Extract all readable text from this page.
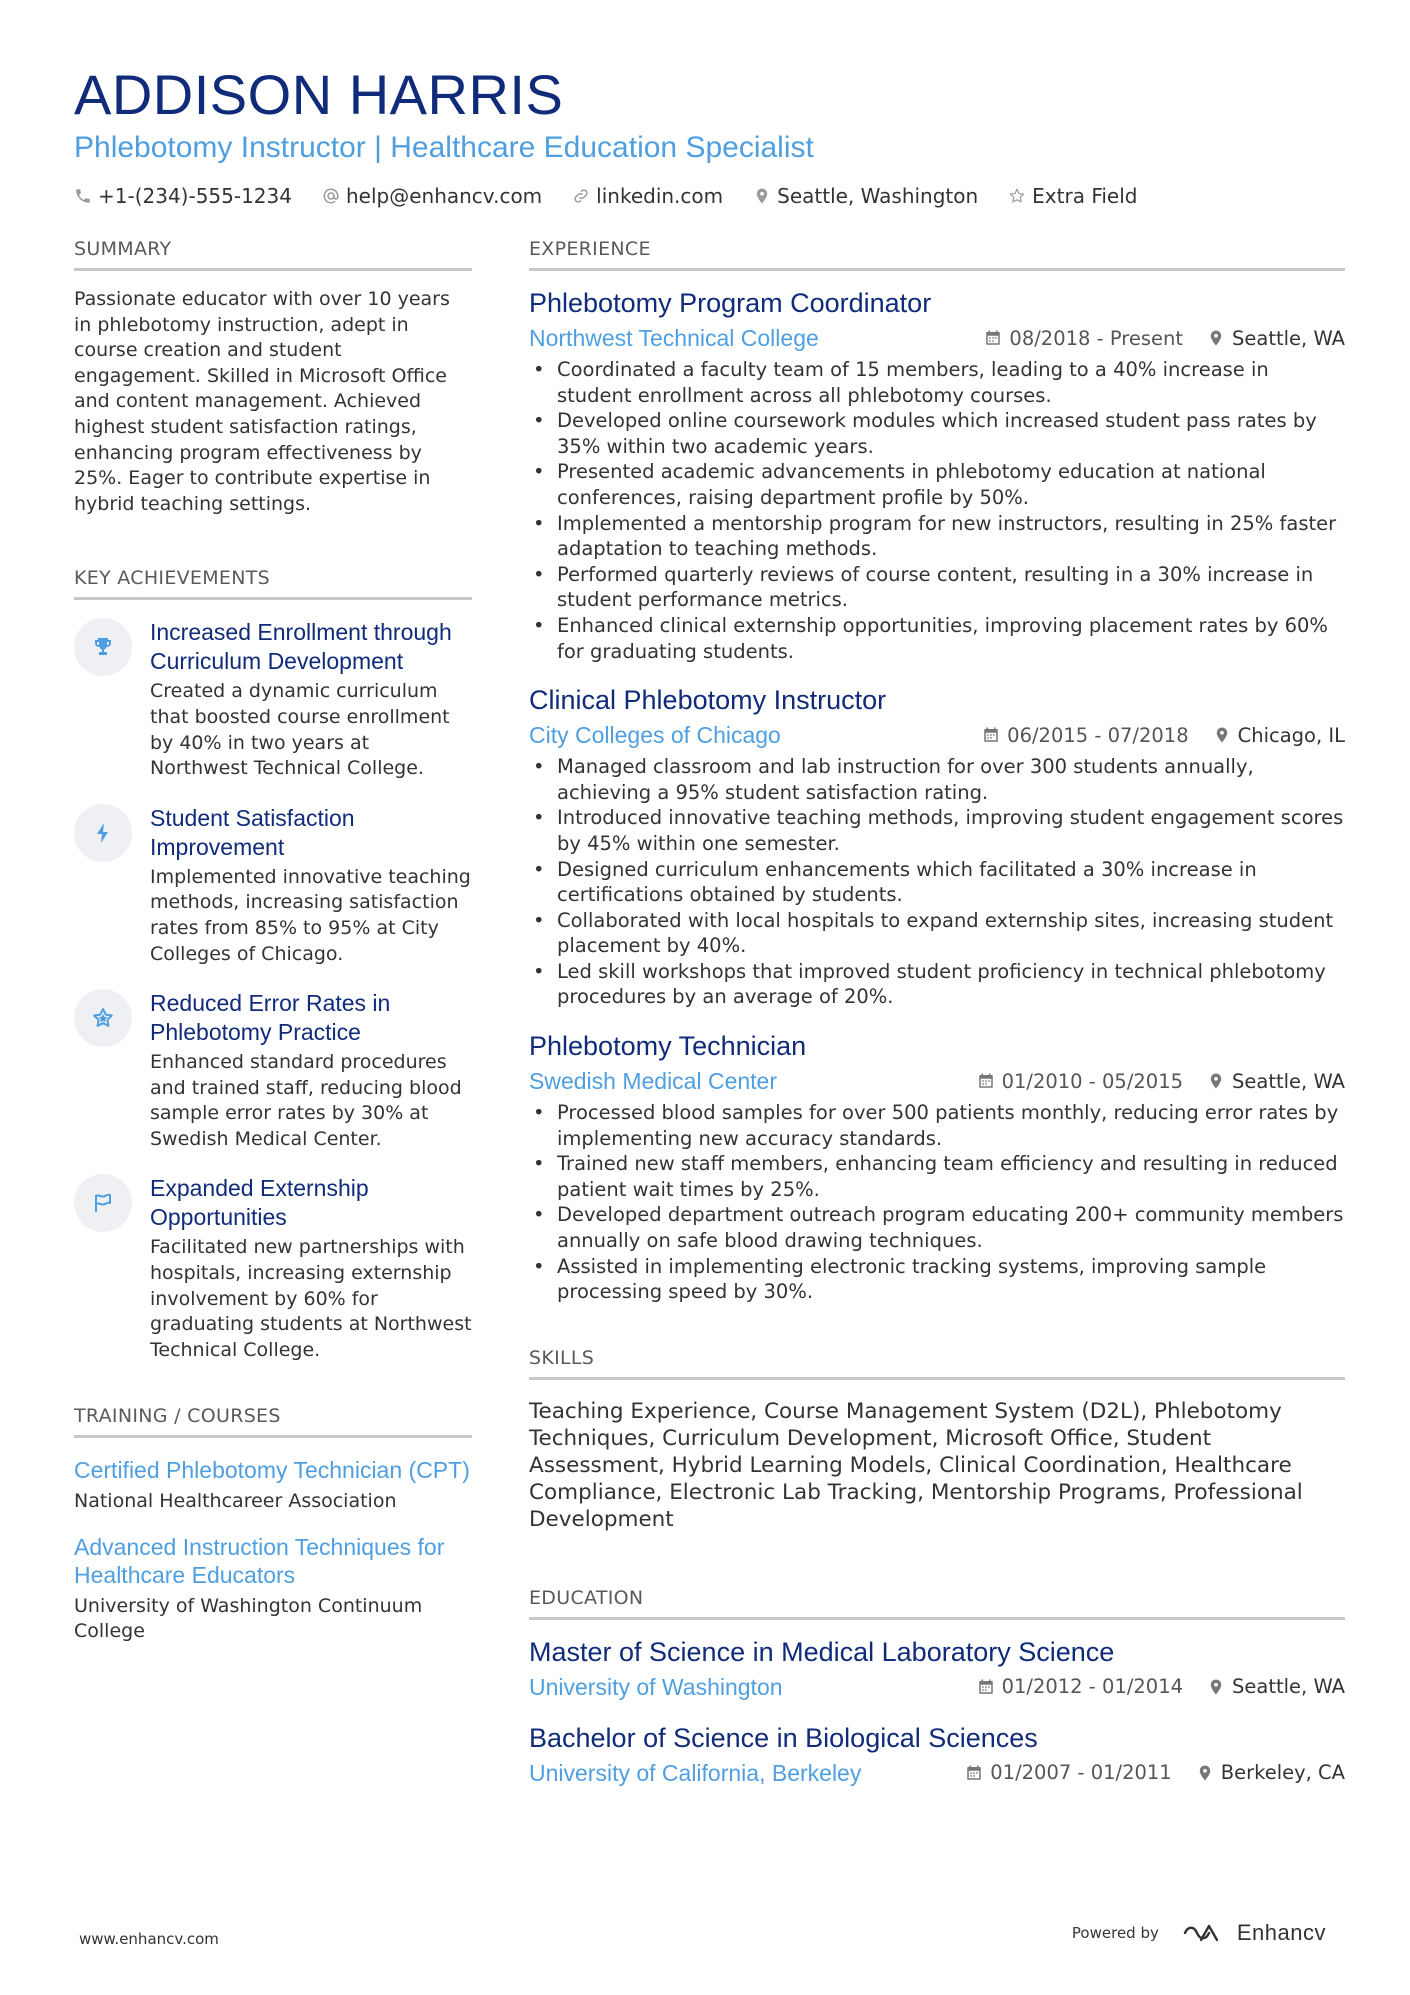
ADDISON HARRIS
Phlebotomy Instructor | Healthcare Education Specialist
+1-(234)-555-1234	help@enhancv.com	linkedin.com	Seattle, Washington	Extra Field
SUMMARY
Passionate educator with over 10 years in phlebotomy instruction, adept in course creation and student engagement. Skilled in Microsoft Office and content management. Achieved highest student satisfaction ratings, enhancing program effectiveness by 25%. Eager to contribute expertise in hybrid teaching settings.
KEY ACHIEVEMENTS
Increased Enrollment through Curriculum Development
Created a dynamic curriculum that boosted course enrollment by 40% in two years at Northwest Technical College.
Student Satisfaction Improvement
Implemented innovative teaching methods, increasing satisfaction rates from 85% to 95% at City Colleges of Chicago.
Reduced Error Rates in Phlebotomy Practice
Enhanced standard procedures and trained staff, reducing blood sample error rates by 30% at Swedish Medical Center.
Expanded Externship Opportunities
Facilitated new partnerships with hospitals, increasing externship involvement by 60% for graduating students at Northwest Technical College.
TRAINING / COURSES
Certified Phlebotomy Technician (CPT)
National Healthcareer Association
Advanced Instruction Techniques for Healthcare Educators
University of Washington Continuum College
EXPERIENCE
Phlebotomy Program Coordinator
Northwest Technical College	08/2018 - Present	Seattle, WA
• Coordinated a faculty team of 15 members, leading to a 40% increase in student enrollment across all phlebotomy courses.
• Developed online coursework modules which increased student pass rates by 35% within two academic years.
• Presented academic advancements in phlebotomy education at national conferences, raising department profile by 50%.
• Implemented a mentorship program for new instructors, resulting in 25% faster adaptation to teaching methods.
• Performed quarterly reviews of course content, resulting in a 30% increase in student performance metrics.
• Enhanced clinical externship opportunities, improving placement rates by 60% for graduating students.
Clinical Phlebotomy Instructor
City Colleges of Chicago	06/2015 - 07/2018	Chicago, IL
• Managed classroom and lab instruction for over 300 students annually, achieving a 95% student satisfaction rating.
• Introduced innovative teaching methods, improving student engagement scores by 45% within one semester.
• Designed curriculum enhancements which facilitated a 30% increase in certifications obtained by students.
• Collaborated with local hospitals to expand externship sites, increasing student placement by 40%.
• Led skill workshops that improved student proficiency in technical phlebotomy procedures by an average of 20%.
Phlebotomy Technician
Swedish Medical Center	01/2010 - 05/2015	Seattle, WA
• Processed blood samples for over 500 patients monthly, reducing error rates by implementing new accuracy standards.
• Trained new staff members, enhancing team efficiency and resulting in reduced patient wait times by 25%.
• Developed department outreach program educating 200+ community members annually on safe blood drawing techniques.
• Assisted in implementing electronic tracking systems, improving sample processing speed by 30%.
SKILLS
Teaching Experience, Course Management System (D2L), Phlebotomy Techniques, Curriculum Development, Microsoft Office, Student Assessment, Hybrid Learning Models, Clinical Coordination, Healthcare Compliance, Electronic Lab Tracking, Mentorship Programs, Professional Development
EDUCATION
Master of Science in Medical Laboratory Science
University of Washington	01/2012 - 01/2014	Seattle, WA
Bachelor of Science in Biological Sciences
University of California, Berkeley	01/2007 - 01/2011	Berkeley, CA
www.enhancv.com	Powered by	Enhancv
